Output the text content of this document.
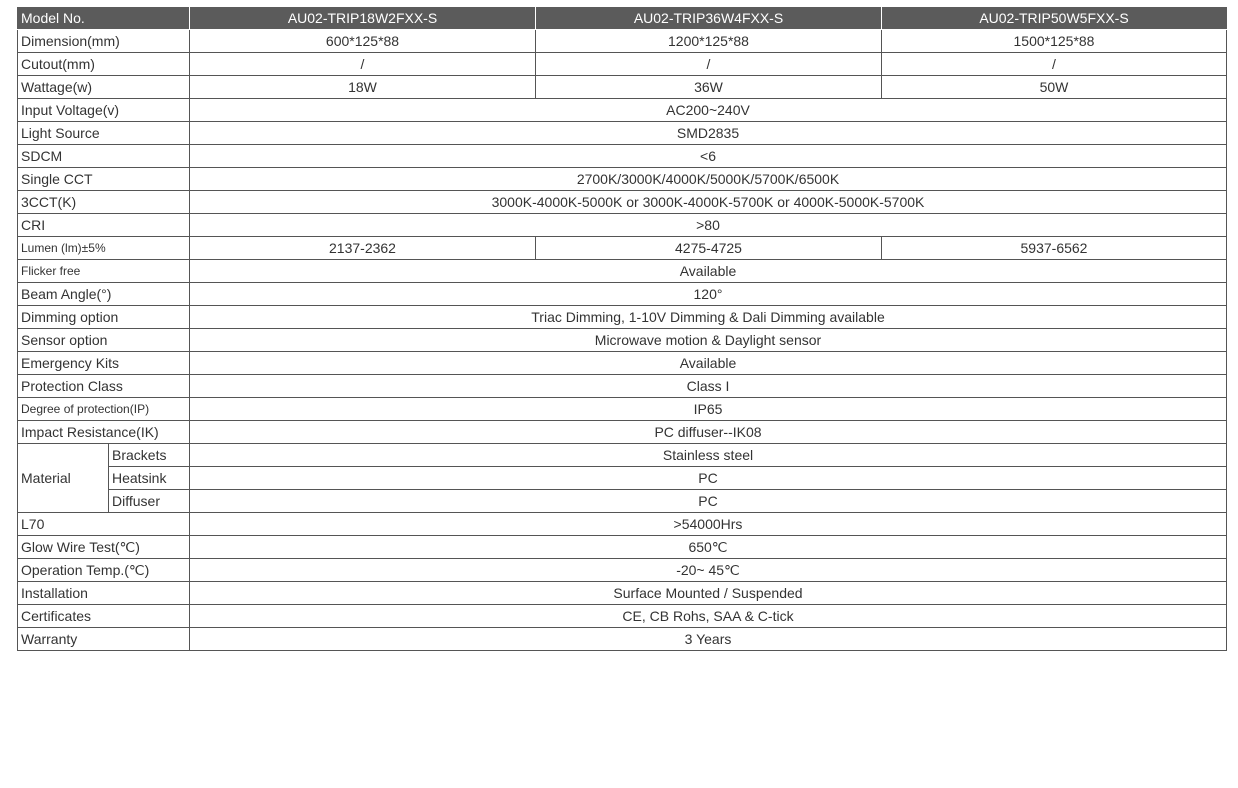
Model No.		AU02-TRIP18W2FXX-S	AU02-TRIP36W4FXX-S	AU02-TRIP50W5FXX-S
Dimension(mm)		600*125*88	1200*125*88	1500*125*88
Cutout(mm)		/	/	/
Wattage(w)		18W	36W	50W
Input Voltage(v)		AC200~240V		
Light Source		SMD2835		
SDCM		<6		
Single CCT		2700K/3000K/4000K/5000K/5700K/6500K		
3CCT(K)		3000K-4000K-5000K or 3000K-4000K-5700K or 4000K-5000K-5700K		
CRI		>80		
Lumen (lm)±5%		2137-2362	4275-4725	5937-6562
Flicker free		Available		
Beam Angle(°)		120°		
Dimming option		Triac Dimming, 1-10V Dimming & Dali Dimming available		
Sensor option		Microwave motion & Daylight sensor		
Emergency Kits		Available		
Protection Class		Class I		
Degree of protection(IP)		IP65		
Impact Resistance(IK)		PC diffuser--IK08		
Material	Brackets	Stainless steel		
	Heatsink	PC		
	Diffuser	PC		
L70		>54000Hrs		
Glow Wire Test(℃)		650℃		
Operation Temp.(℃)		-20~ 45℃		
Installation		Surface Mounted / Suspended		
Certificates		CE, CB Rohs, SAA & C-tick		
Warranty		3 Years		
